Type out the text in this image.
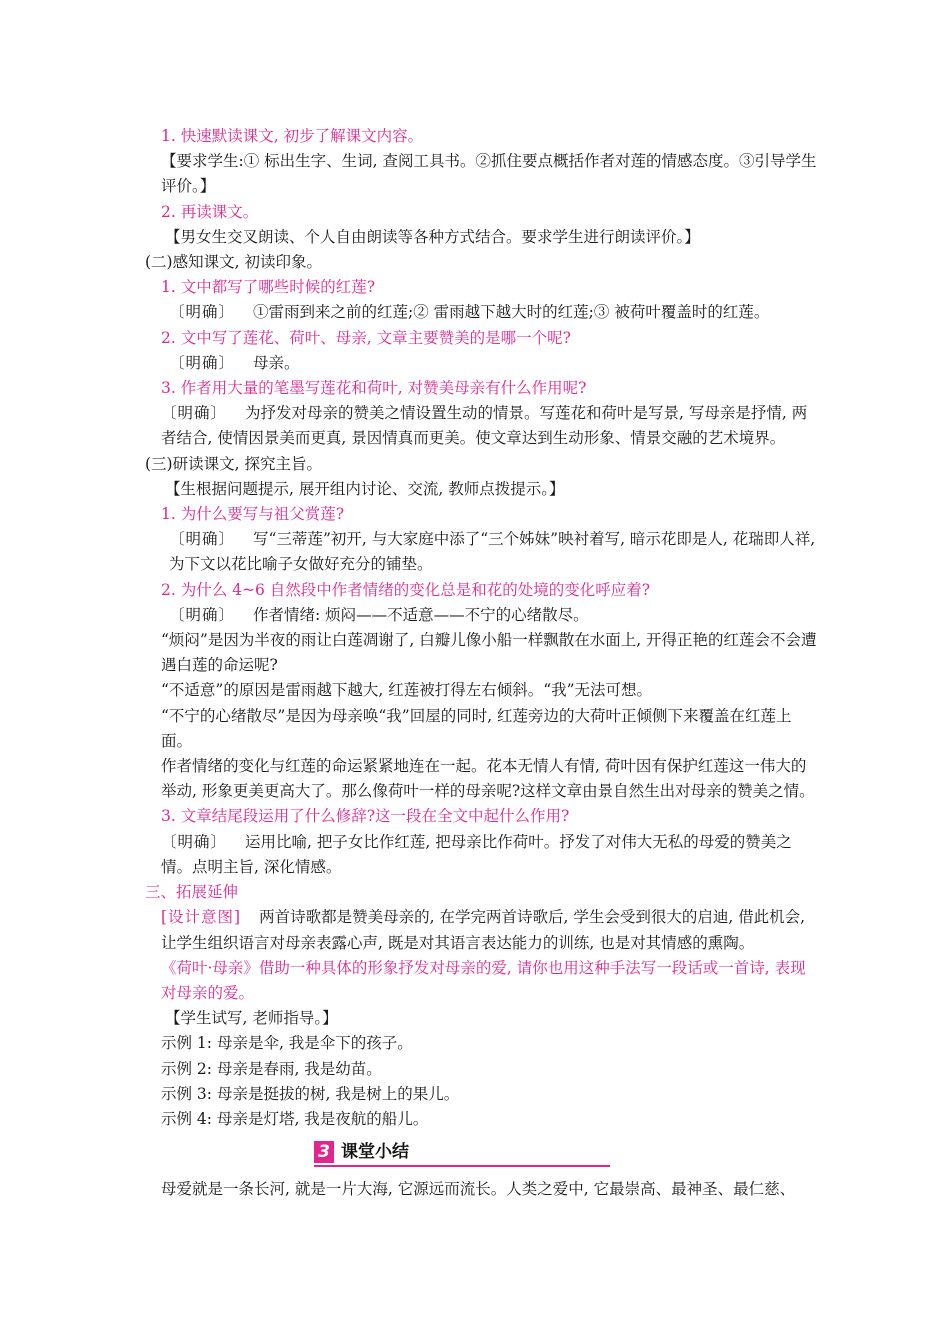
1. 快速默读课文, 初步了解课文内容。
【要求学生:① 标出生字、生词, 查阅工具书。②抓住要点概括作者对莲的情感态度。③引导学生评价。】
2. 再读课文。
【男女生交叉朗读、个人自由朗读等各种方式结合。要求学生进行朗读评价。】
(二)感知课文, 初读印象。
1. 文中都写了哪些时候的红莲?
〔明确〕 ①雷雨到来之前的红莲;② 雷雨越下越大时的红莲;③ 被荷叶覆盖时的红莲。
2. 文中写了莲花、荷叶、母亲, 文章主要赞美的是哪一个呢?
〔明确〕 母亲。
3. 作者用大量的笔墨写莲花和荷叶, 对赞美母亲有什么作用呢?
〔明确〕 为抒发对母亲的赞美之情设置生动的情景。写莲花和荷叶是写景, 写母亲是抒情, 两者结合, 使情因景美而更真, 景因情真而更美。使文章达到生动形象、情景交融的艺术境界。
(三)研读课文, 探究主旨。
【生根据问题提示, 展开组内讨论、交流, 教师点拨提示。】
1. 为什么要写与祖父赏莲?
〔明确〕 写“三蒂莲”初开, 与大家庭中添了“三个姊妹”映衬着写, 暗示花即是人, 花瑞即人祥, 为下文以花比喻子女做好充分的铺垫。
2. 为什么 4~6 自然段中作者情绪的变化总是和花的处境的变化呼应着?
〔明确〕 作者情绪: 烦闷——不适意——不宁的心绪散尽。
“烦闷”是因为半夜的雨让白莲凋谢了, 白瓣儿像小船一样飘散在水面上, 开得正艳的红莲会不会遭遇白莲的命运呢?
“不适意”的原因是雷雨越下越大, 红莲被打得左右倾斜。“我”无法可想。
“不宁的心绪散尽”是因为母亲唤“我”回屋的同时, 红莲旁边的大荷叶正倾侧下来覆盖在红莲上面。
作者情绪的变化与红莲的命运紧紧地连在一起。花本无情人有情, 荷叶因有保护红莲这一伟大的举动, 形象更美更高大了。那么像荷叶一样的母亲呢?这样文章由景自然生出对母亲的赞美之情。
3. 文章结尾段运用了什么修辞?这一段在全文中起什么作用?
〔明确〕 运用比喻, 把子女比作红莲, 把母亲比作荷叶。抒发了对伟大无私的母爱的赞美之情。点明主旨, 深化情感。
三、拓展延伸
[设计意图] 两首诗歌都是赞美母亲的, 在学完两首诗歌后, 学生会受到很大的启迪, 借此机会, 让学生组织语言对母亲表露心声, 既是对其语言表达能力的训练, 也是对其情感的熏陶。
《荷叶·母亲》借助一种具体的形象抒发对母亲的爱, 请你也用这种手法写一段话或一首诗, 表现对母亲的爱。
【学生试写, 老师指导。】
示例 1: 母亲是伞, 我是伞下的孩子。
示例 2: 母亲是春雨, 我是幼苗。
示例 3: 母亲是挺拔的树, 我是树上的果儿。
示例 4: 母亲是灯塔, 我是夜航的船儿。
3 课堂小结
母爱就是一条长河, 就是一片大海, 它源远而流长。人类之爱中, 它最崇高、最神圣、最仁慈、
